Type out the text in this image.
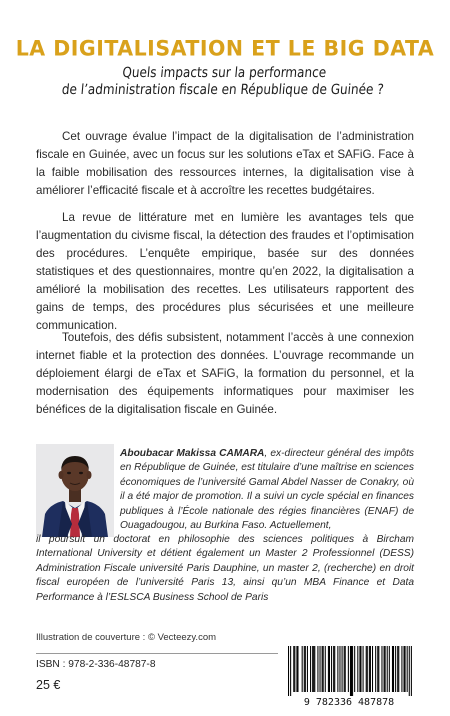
LA DIGITALISATION ET LE BIG DATA
Quels impacts sur la performance
de l’administration fiscale en République de Guinée ?

Cet ouvrage évalue l’impact de la digitalisation de l’administration fiscale en Guinée, avec un focus sur les solutions eTax et SAFiG. Face à la faible mobilisation des ressources internes, la digitalisation vise à améliorer l’efficacité fiscale et à accroître les recettes budgétaires.

La revue de littérature met en lumière les avantages tels que l’augmentation du civisme fiscal, la détection des fraudes et l’optimisation des procédures. L’enquête empirique, basée sur des données statistiques et des questionnaires, montre qu’en 2022, la digitalisation a amélioré la mobilisation des recettes. Les utilisateurs rapportent des gains de temps, des procédures plus sécurisées et une meilleure communication.

Toutefois, des défis subsistent, notamment l’accès à une connexion internet fiable et la protection des données. L’ouvrage recommande un déploiement élargi de eTax et SAFiG, la formation du personnel, et la modernisation des équipements informatiques pour maximiser les bénéfices de la digitalisation fiscale en Guinée.

Aboubacar Makissa CAMARA, ex-directeur général des impôts en République de Guinée, est titulaire d’une maîtrise en sciences économiques de l’université Gamal Abdel Nasser de Conakry, où il a été major de promotion. Il a suivi un cycle spécial en finances publiques à l’École nationale des régies financières (ENAF) de Ouagadougou, au Burkina Faso. Actuellement,

il poursuit un doctorat en philosophie des sciences politiques à Bircham International University et détient également un Master 2 Professionnel (DESS) Administration Fiscale université Paris Dauphine, un master 2, (recherche) en droit fiscal européen de l’université Paris 13, ainsi qu’un MBA Finance et Data Performance à l’ESLSCA Business School de Paris

Illustration de couverture : © Vecteezy.com
ISBN : 978-2-336-48787-8
25 €
9 782336 487878
